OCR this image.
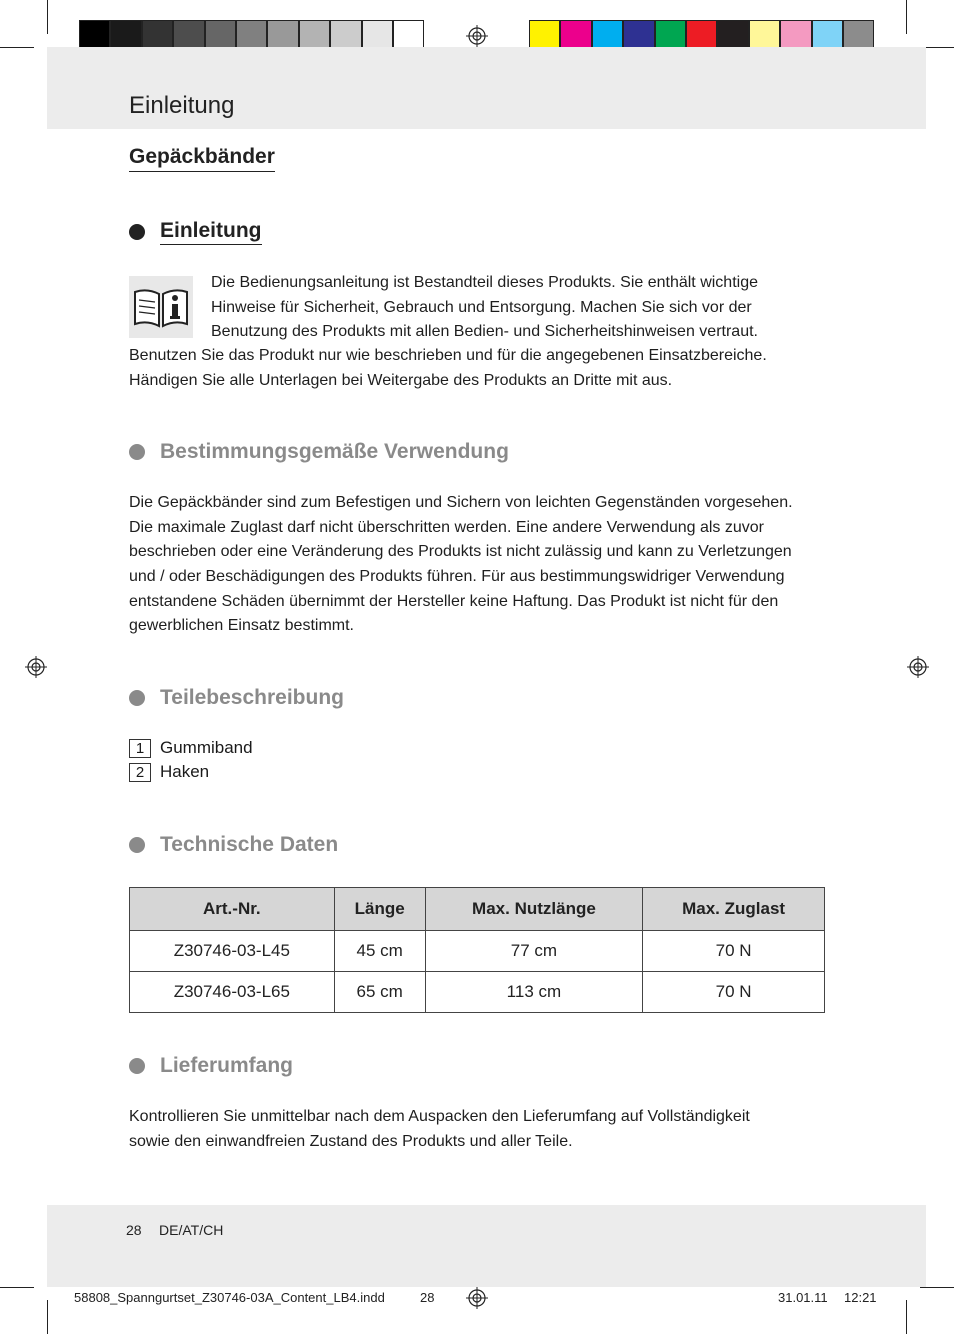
Einleitung
Gepäckbänder
Einleitung
Die Bedienungsanleitung ist Bestandteil dieses Produkts. Sie enthält wichtige
Hinweise für Sicherheit, Gebrauch und Entsorgung. Machen Sie sich vor der
Benutzung des Produkts mit allen Bedien- und Sicherheitshinweisen vertraut.
Benutzen Sie das Produkt nur wie beschrieben und für die angegebenen Einsatzbereiche.
Händigen Sie alle Unterlagen bei Weitergabe des Produkts an Dritte mit aus.
Bestimmungsgemäße Verwendung
Die Gepäckbänder sind zum Befestigen und Sichern von leichten Gegenständen vorgesehen.
Die maximale Zuglast darf nicht überschritten werden. Eine andere Verwendung als zuvor
beschrieben oder eine Veränderung des Produkts ist nicht zulässig und kann zu Verletzungen
und / oder Beschädigungen des Produkts führen. Für aus bestimmungswidriger Verwendung
entstandene Schäden übernimmt der Hersteller keine Haftung. Das Produkt ist nicht für den
gewerblichen Einsatz bestimmt.
Teilebeschreibung
1 Gummiband
2 Haken
Technische Daten
Art.-Nr.	Länge	Max. Nutzlänge	Max. Zuglast
Z30746-03-L45	45 cm	77 cm	70 N
Z30746-03-L65	65 cm	113 cm	70 N
Lieferumfang
Kontrollieren Sie unmittelbar nach dem Auspacken den Lieferumfang auf Vollständigkeit
sowie den einwandfreien Zustand des Produkts und aller Teile.
28 DE/AT/CH
58808_Spanngurtset_Z30746-03A_Content_LB4.indd	28	31.01.11 12:21
